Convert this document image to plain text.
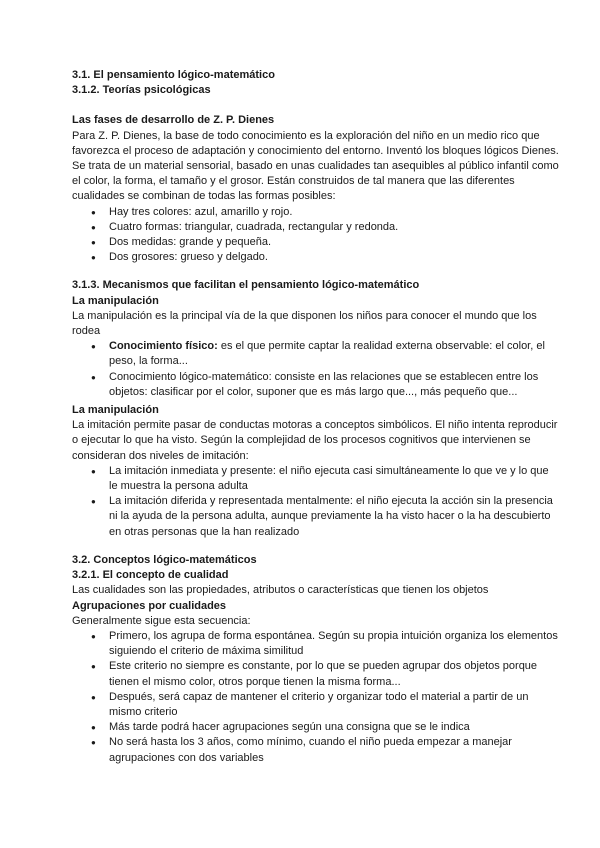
3.1. El pensamiento lógico-matemático

3.1.2. Teorías psicológicas

Las fases de desarrollo de Z. P. Dienes

Para Z. P. Dienes, la base de todo conocimiento es la exploración del niño en un medio rico que favorezca el proceso de adaptación y conocimiento del entorno. Inventó los bloques lógicos Dienes. Se trata de un material sensorial, basado en unas cualidades tan asequibles al público infantil como el color, la forma, el tamaño y el grosor. Están construidos de tal manera que las diferentes cualidades se combinan de todas las formas posibles:

● Hay tres colores: azul, amarillo y rojo.
● Cuatro formas: triangular, cuadrada, rectangular y redonda.
● Dos medidas: grande y pequeña.
● Dos grosores: grueso y delgado.

3.1.3. Mecanismos que facilitan el pensamiento lógico-matemático

La manipulación

La manipulación es la principal vía de la que disponen los niños para conocer el mundo que los rodea

● Conocimiento físico: es el que permite captar la realidad externa observable: el color, el peso, la forma...
● Conocimiento lógico-matemático: consiste en las relaciones que se establecen entre los objetos: clasificar por el color, suponer que es más largo que..., más pequeño que...

La manipulación

La imitación permite pasar de conductas motoras a conceptos simbólicos. El niño intenta reproducir o ejecutar lo que ha visto. Según la complejidad de los procesos cognitivos que intervienen se consideran dos niveles de imitación:

● La imitación inmediata y presente: el niño ejecuta casi simultáneamente lo que ve y lo que le muestra la persona adulta
● La imitación diferida y representada mentalmente: el niño ejecuta la acción sin la presencia ni la ayuda de la persona adulta, aunque previamente la ha visto hacer o la ha descubierto en otras personas que la han realizado

3.2. Conceptos lógico-matemáticos

3.2.1. El concepto de cualidad

Las cualidades son las propiedades, atributos o características que tienen los objetos

Agrupaciones por cualidades

Generalmente sigue esta secuencia:

● Primero, los agrupa de forma espontánea. Según su propia intuición organiza los elementos siguiendo el criterio de máxima similitud
● Este criterio no siempre es constante, por lo que se pueden agrupar dos objetos porque tienen el mismo color, otros porque tienen la misma forma...
● Después, será capaz de mantener el criterio y organizar todo el material a partir de un mismo criterio
● Más tarde podrá hacer agrupaciones según una consigna que se le indica
● No será hasta los 3 años, como mínimo, cuando el niño pueda empezar a manejar agrupaciones con dos variables
